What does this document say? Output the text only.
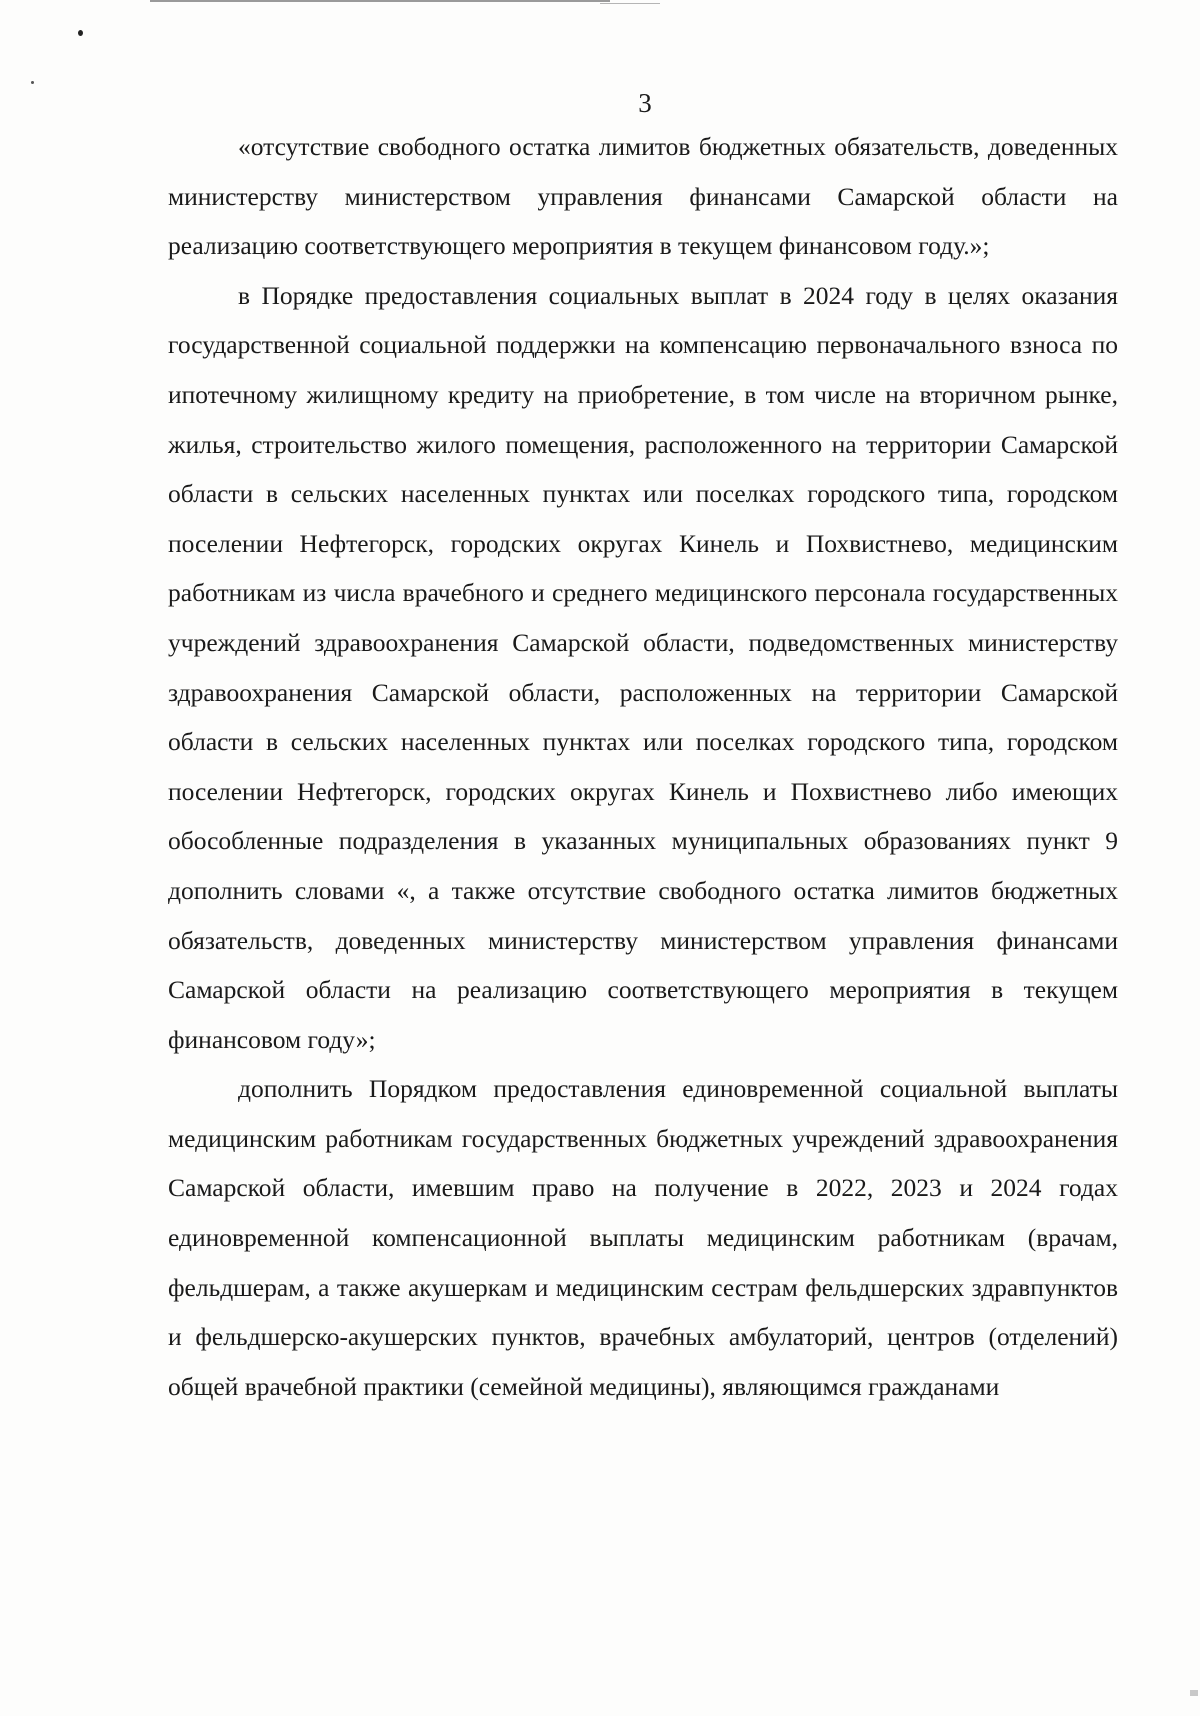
3

«отсутствие свободного остатка лимитов бюджетных обязательств, доведенных министерству министерством управления финансами Самарской области на реализацию соответствующего мероприятия в текущем финансовом году.»;

в Порядке предоставления социальных выплат в 2024 году в целях оказания государственной социальной поддержки на компенсацию первоначального взноса по ипотечному жилищному кредиту на приобретение, в том числе на вторичном рынке, жилья, строительство жилого помещения, расположенного на территории Самарской области в сельских населенных пунктах или поселках городского типа, городском поселении Нефтегорск, городских округах Кинель и Похвистнево, медицинским работникам из числа врачебного и среднего медицинского персонала государственных учреждений здравоохранения Самарской области, подведомственных министерству здравоохранения Самарской области, расположенных на территории Самарской области в сельских населенных пунктах или поселках городского типа, городском поселении Нефтегорск, городских округах Кинель и Похвистнево либо имеющих обособленные подразделения в указанных муниципальных образованиях пункт 9 дополнить словами «, а также отсутствие свободного остатка лимитов бюджетных обязательств, доведенных министерству министерством управления финансами Самарской области на реализацию соответствующего мероприятия в текущем финансовом году»;

дополнить Порядком предоставления единовременной социальной выплаты медицинским работникам государственных бюджетных учреждений здравоохранения Самарской области, имевшим право на получение в 2022, 2023 и 2024 годах единовременной компенсационной выплаты медицинским работникам (врачам, фельдшерам, а также акушеркам и медицинским сестрам фельдшерских здравпунктов и фельдшерско-акушерских пунктов, врачебных амбулаторий, центров (отделений) общей врачебной практики (семейной медицины), являющимся гражданами
